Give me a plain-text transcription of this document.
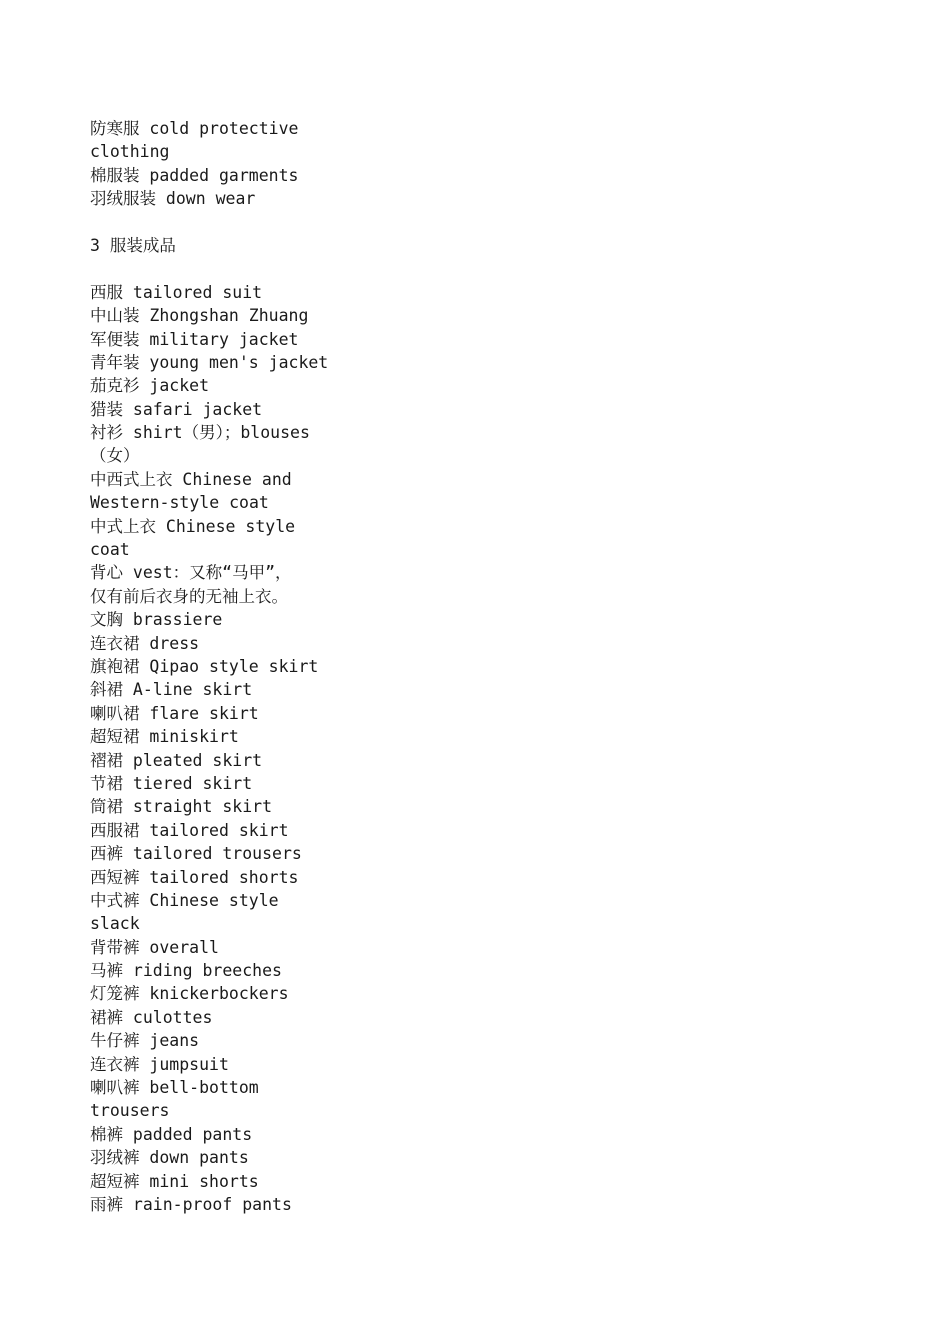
防寒服 cold protective
clothing
棉服装 padded garments
羽绒服装 down wear
3 服装成品
西服 tailored suit
中山装 Zhongshan Zhuang
军便装 military jacket
青年装 young men's jacket
茄克衫 jacket
猎装 safari jacket
衬衫 shirt（男）；blouses
（女）
中西式上衣 Chinese and
Western-style coat
中式上衣 Chinese style
coat
背心 vest：又称“马甲”，
仅有前后衣身的无袖上衣。
文胸 brassiere
连衣裙 dress
旗袍裙 Qipao style skirt
斜裙 A-line skirt
喇叭裙 flare skirt
超短裙 miniskirt
褶裙 pleated skirt
节裙 tiered skirt
筒裙 straight skirt
西服裙 tailored skirt
西裤 tailored trousers
西短裤 tailored shorts
中式裤 Chinese style
slack
背带裤 overall
马裤 riding breeches
灯笼裤 knickerbockers
裙裤 culottes
牛仔裤 jeans
连衣裤 jumpsuit
喇叭裤 bell-bottom
trousers
棉裤 padded pants
羽绒裤 down pants
超短裤 mini shorts
雨裤 rain-proof pants
